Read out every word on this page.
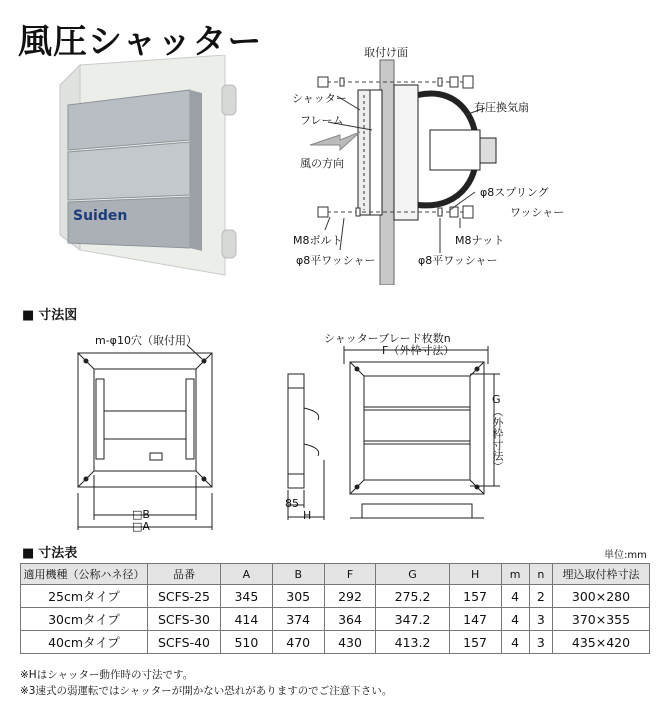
風圧シャッター
Suiden
取付け面
シャッター
フレーム
有圧換気扇
風の方向
φ8スプリング
ワッシャー
M8ボルト	M8ナット
φ8平ワッシャー	φ8平ワッシャー
■ 寸法図
m-φ10穴（取付用）
□B
□A
85
H
シャッターブレード枚数n
F（外枠寸法）
G
（外枠寸法）
■ 寸法表	単位:mm
適用機種（公称ハネ径）	品番	A	B	F	G	H	m	n	埋込取付枠寸法
25cmタイプ	SCFS-25	345	305	292	275.2	157	4	2	300×280
30cmタイプ	SCFS-30	414	374	364	347.2	147	4	3	370×355
40cmタイプ	SCFS-40	510	470	430	413.2	157	4	3	435×420
※Hはシャッター動作時の寸法です。
※3速式の弱運転ではシャッターが開かない恐れがありますのでご注意下さい。
